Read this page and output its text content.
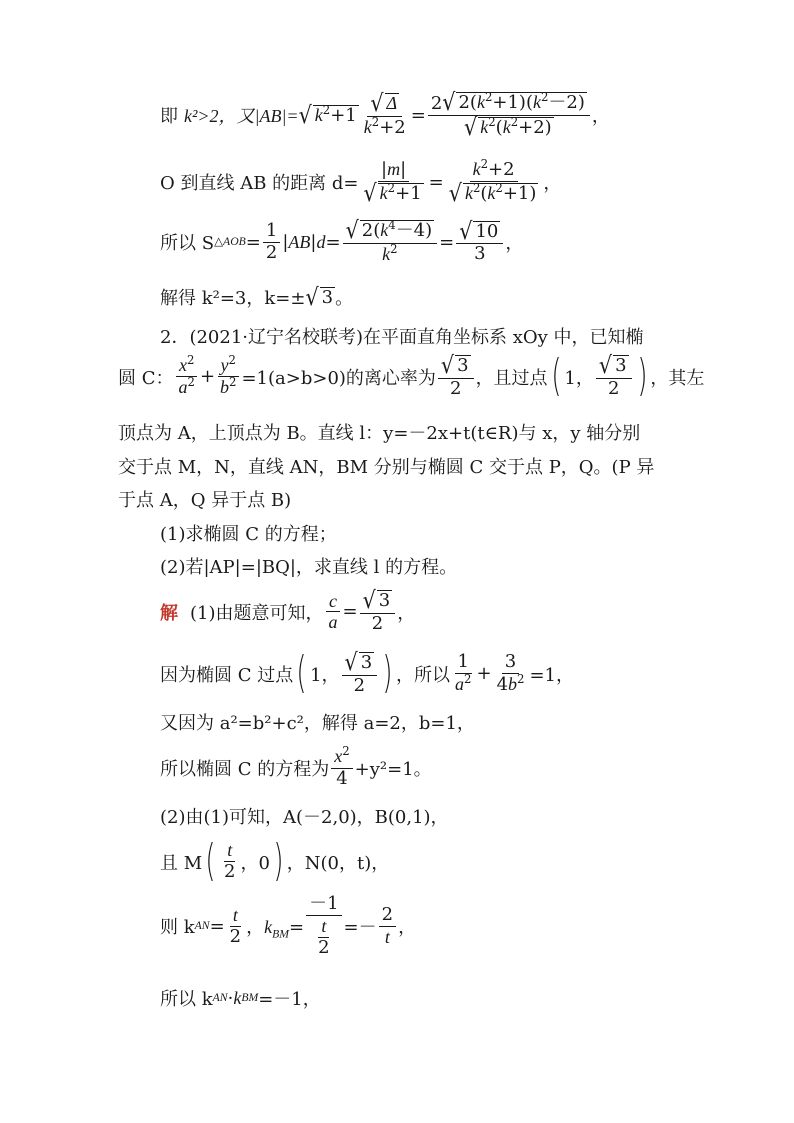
即 k²>2，又|AB|= √ $k^2+1 \frac{√ \Delta}{k^2+2} = \frac{2 √ 2(k^2+1)(k^2-2)}{√ k^2(k^2+2)}$ ，
O 到直线 AB 的距离 $d= \frac{|m|}{√ k^2+1} = \frac{k^2+2}{√ k^2(k^2+1)}$ ，
所以 S △AOB = $\frac{1}{2} |AB|d= \frac{√ 2(k^4-4)}{k^2} = \frac{√ 10}{3}$ ，
解得 k²=3，k=± √ 3 。
2． (2021·辽宁名校联考) 在平面直角坐标系 xOy 中，已知椭
圆 C： $\frac{x^2}{a^2} + \frac{y^2}{b^2} =1(a>b>0)$的离心率为 $\frac{√ 3}{2}$ ，且过点 ( 1， $\frac{√ 3}{2}$ ) ，其左
顶点为 A，上顶点为 B。直线 l：y=－2x+t(t∈R)与 x，y 轴分别
交于点 M，N，直线 AN，BM 分别与椭圆 C 交于点 P，Q。(P 异
于点 A，Q 异于点 B)
(1)求椭圆 C 的方程；
(2)若|AP|=|BQ|，求直线 l 的方程。
解 (1)由题意可知， $\frac{c}{a} = \frac{√ 3}{2}$ ，
因为椭圆 C 过点 ( 1， $\frac{√ 3}{2}$ ) ，所以 $\frac{1}{a^2} + \frac{3}{4b^2} =1$，
又因为 a²=b²+c²，解得 a=2，b=1，
所以椭圆 C 的方程为 $\frac{x^2}{4} +y^2=1$。
(2)由(1)可知，A(－2,0)，B(0,1)，
且 M ( $\frac{t}{2}$ ，0 ) ，N(0，t)，
则 k AN = $\frac{t}{2}$ ，$k_{BM}= \frac{-1}{\frac{t}{2}} =- \frac{2}{t}$ ，
所以 k AN ·k BM =－1，
